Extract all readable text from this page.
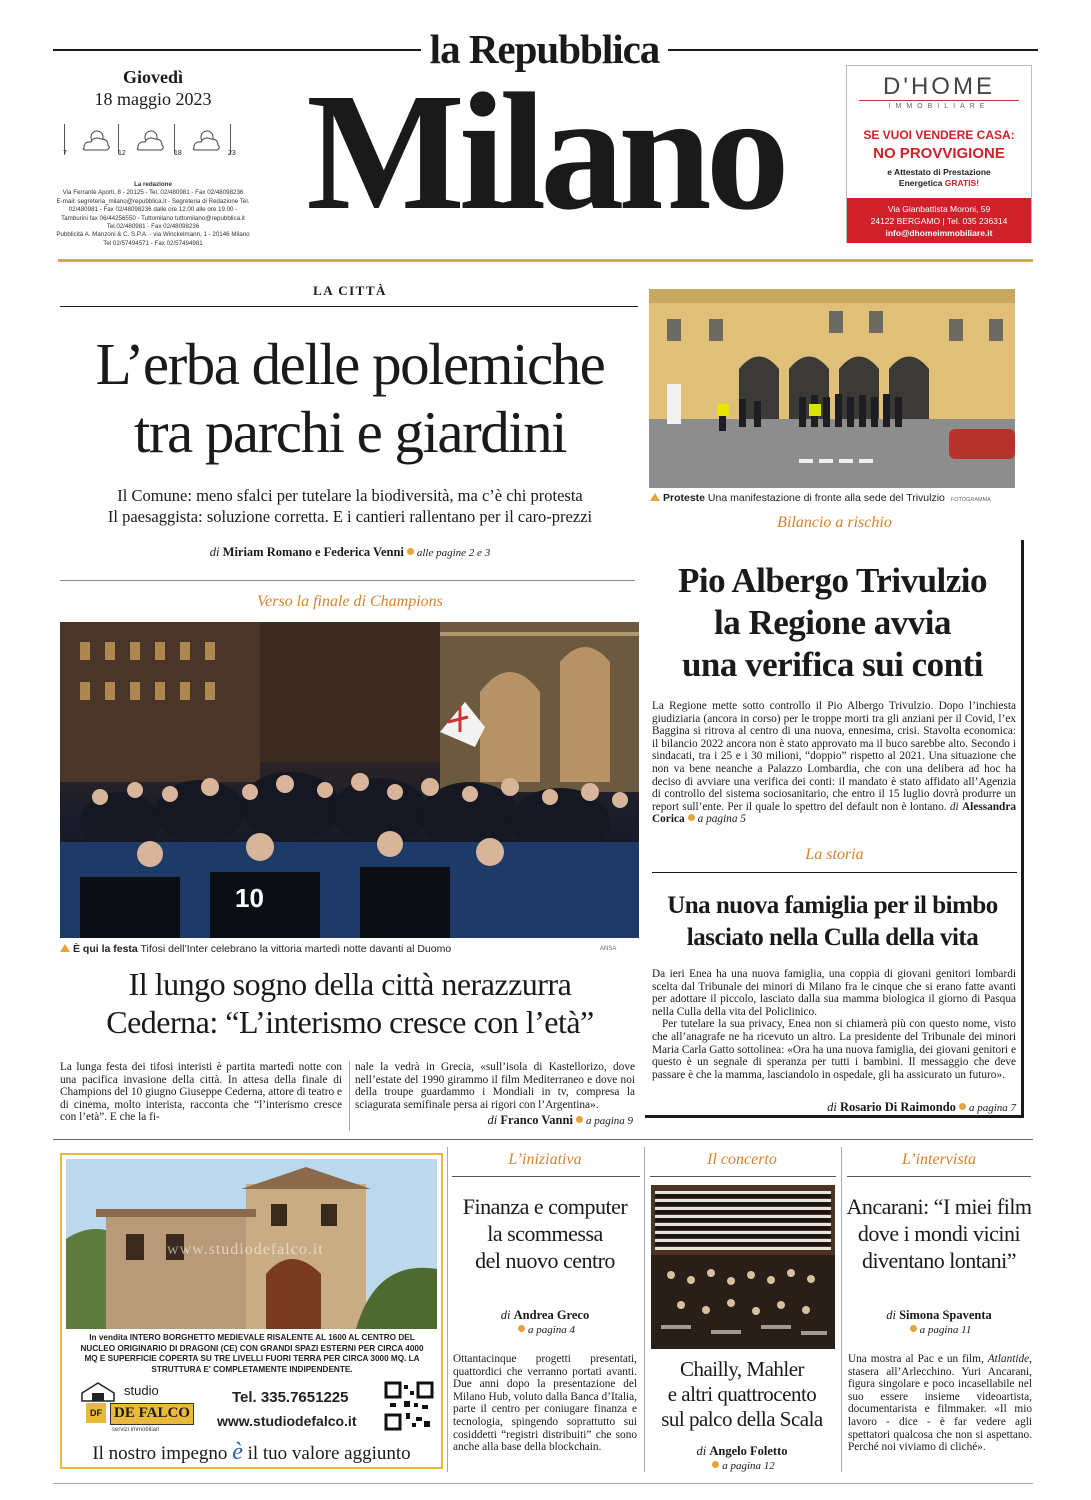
la Repubblica
Giovedì
18 maggio 2023
7	12	18	23
La redazione
Via Ferrante Aporti, 8 - 20125 - Tel. 02/480981 - Fax 02/48098236
E-mail: segreteria_milano@repubblica.it - Segreteria di Redazione Tel.
02/480981 - Fax 02/48098236 dalle ore 12.00 alle ore 19.00 -
Tamburini fax 06/44256550 - Tuttomilano tuttomilano@repubblica.it
Tel.02/480981 - Fax 02/48098236
Pubblicità A. Manzoni & C. S.P.A. - via Winckelmann, 1 - 20146 Milano
Tel 02/57494571 - Fax 02/57494981 Milano	D'HOME
IMMOBILIARE
SE VUOI VENDERE CASA:
NO PROVVIGIONE
e Attestato di Prestazione
Energetica GRATIS!
Via Gianbattista Moroni, 59
24122 BERGAMO | Tel. 035 236314
info@dhomeimmobiliare.it
LA CITTÀ
L’erba delle polemiche
tra parchi e giardini
Il Comune: meno sfalci per tutelare la biodiversità, ma c’è chi protesta
Il paesaggista: soluzione corretta. E i cantieri rallentano per il caro-prezzi
di Miriam Romano e Federica Venni alle pagine 2 e 3
Verso la finale di Champions
10
È qui la festa Tifosi dell’Inter celebrano la vittoria martedì notte davanti al Duomo	ANSA
Il lungo sogno della città nerazzurra
Cederna: “L’interismo cresce con l’età”
La lunga festa dei tifosi interisti è partita martedì notte con una pacifica invasione della città. In attesa della finale di Champions del 10 giugno Giuseppe Cederna, attore di teatro e di cinema, molto interista, racconta che “l’interismo cresce con l’età”. E che la fi-
nale la vedrà in Grecia, «sull’isola di Kastellorizo, dove nell’estate del 1990 girammo il film Mediterraneo e dove noi della troupe guardammo i Mondiali in tv, compresa la sciagurata semifinale persa ai rigori con l’Argentina».
di Franco Vanni a pagina 9
Proteste Una manifestazione di fronte alla sede del Trivulzio FOTOGRAMMA
Bilancio a rischio
Pio Albergo Trivulzio
la Regione avvia
una verifica sui conti
La Regione mette sotto controllo il Pio Albergo Trivulzio. Dopo l’inchiesta giudiziaria (ancora in corso) per le troppe morti tra gli anziani per il Covid, l’ex Baggina si ritrova al centro di una nuova, ennesima, crisi. Stavolta economica: il bilancio 2022 ancora non è stato approvato ma il buco sarebbe alto. Secondo i sindacati, tra i 25 e i 30 milioni, “doppio” rispetto al 2021. Una situazione che non va bene neanche a Palazzo Lombardia, che con una delibera ad hoc ha deciso di avviare una verifica dei conti: il mandato è stato affidato all’Agenzia di controllo del sistema sociosanitario, che entro il 15 luglio dovrà produrre un report sull’ente. Per il quale lo spettro del default non è lontano. di Alessandra Corica a pagina 5
La storia
Una nuova famiglia per il bimbo
lasciato nella Culla della vita
Da ieri Enea ha una nuova famiglia, una coppia di giovani genitori lombardi scelta dal Tribunale dei minori di Milano fra le cinque che si erano fatte avanti per adottare il piccolo, lasciato dalla sua mamma biologica il giorno di Pasqua nella Culla della vita del Policlinico.
Per tutelare la sua privacy, Enea non si chiamerà più con questo nome, visto che all’anagrafe ne ha ricevuto un altro. La presidente del Tribunale dei minori Maria Carla Gatto sottolinea: «Ora ha una nuova famiglia, dei giovani genitori e questo è un segnale di speranza per tutti i bambini. Il messaggio che deve passare è che la mamma, lasciandolo in ospedale, gli ha assicurato un futuro».
di Rosario Di Raimondo a pagina 7
www.studiodefalco.it
In vendita INTERO BORGHETTO MEDIEVALE RISALENTE AL 1600 AL CENTRO DEL NUCLEO ORIGINARIO DI DRAGONI (CE) CON GRANDI SPAZI ESTERNI PER CIRCA 4000 MQ E SUPERFICIE COPERTA SU TRE LIVELLI FUORI TERRA PER CIRCA 3000 MQ. LA STRUTTURA E' COMPLETAMENTE INDIPENDENTE.
studio
DF DE FALCO
servizi immobiliari
Tel. 335.7651225
www.studiodefalco.it
Il nostro impegno è il tuo valore aggiunto
L’iniziativa
Finanza e computer
la scommessa
del nuovo centro
di Andrea Greco
a pagina 4
Ottantacinque progetti presentati, quattordici che verranno portati avanti. Due anni dopo la presentazione del Milano Hub, voluto dalla Banca d’Italia, parte il centro per coniugare finanza e tecnologia, spingendo soprattutto sui cosiddetti “registri distribuiti” che sono anche alla base della blockchain.
Il concerto
Chailly, Mahler
e altri quattrocento
sul palco della Scala
di Angelo Foletto
a pagina 12
L’intervista
Ancarani: “I miei film
dove i mondi vicini
diventano lontani”
di Simona Spaventa
a pagina 11
Una mostra al Pac e un film, Atlantide, stasera all’Arlecchino. Yuri Ancarani, figura singolare e poco incasellabile nel suo essere insieme videoartista, documentarista e filmmaker. «Il mio lavoro - dice - è far vedere agli spettatori qualcosa che non si aspettano. Perché noi viviamo di cliché».
